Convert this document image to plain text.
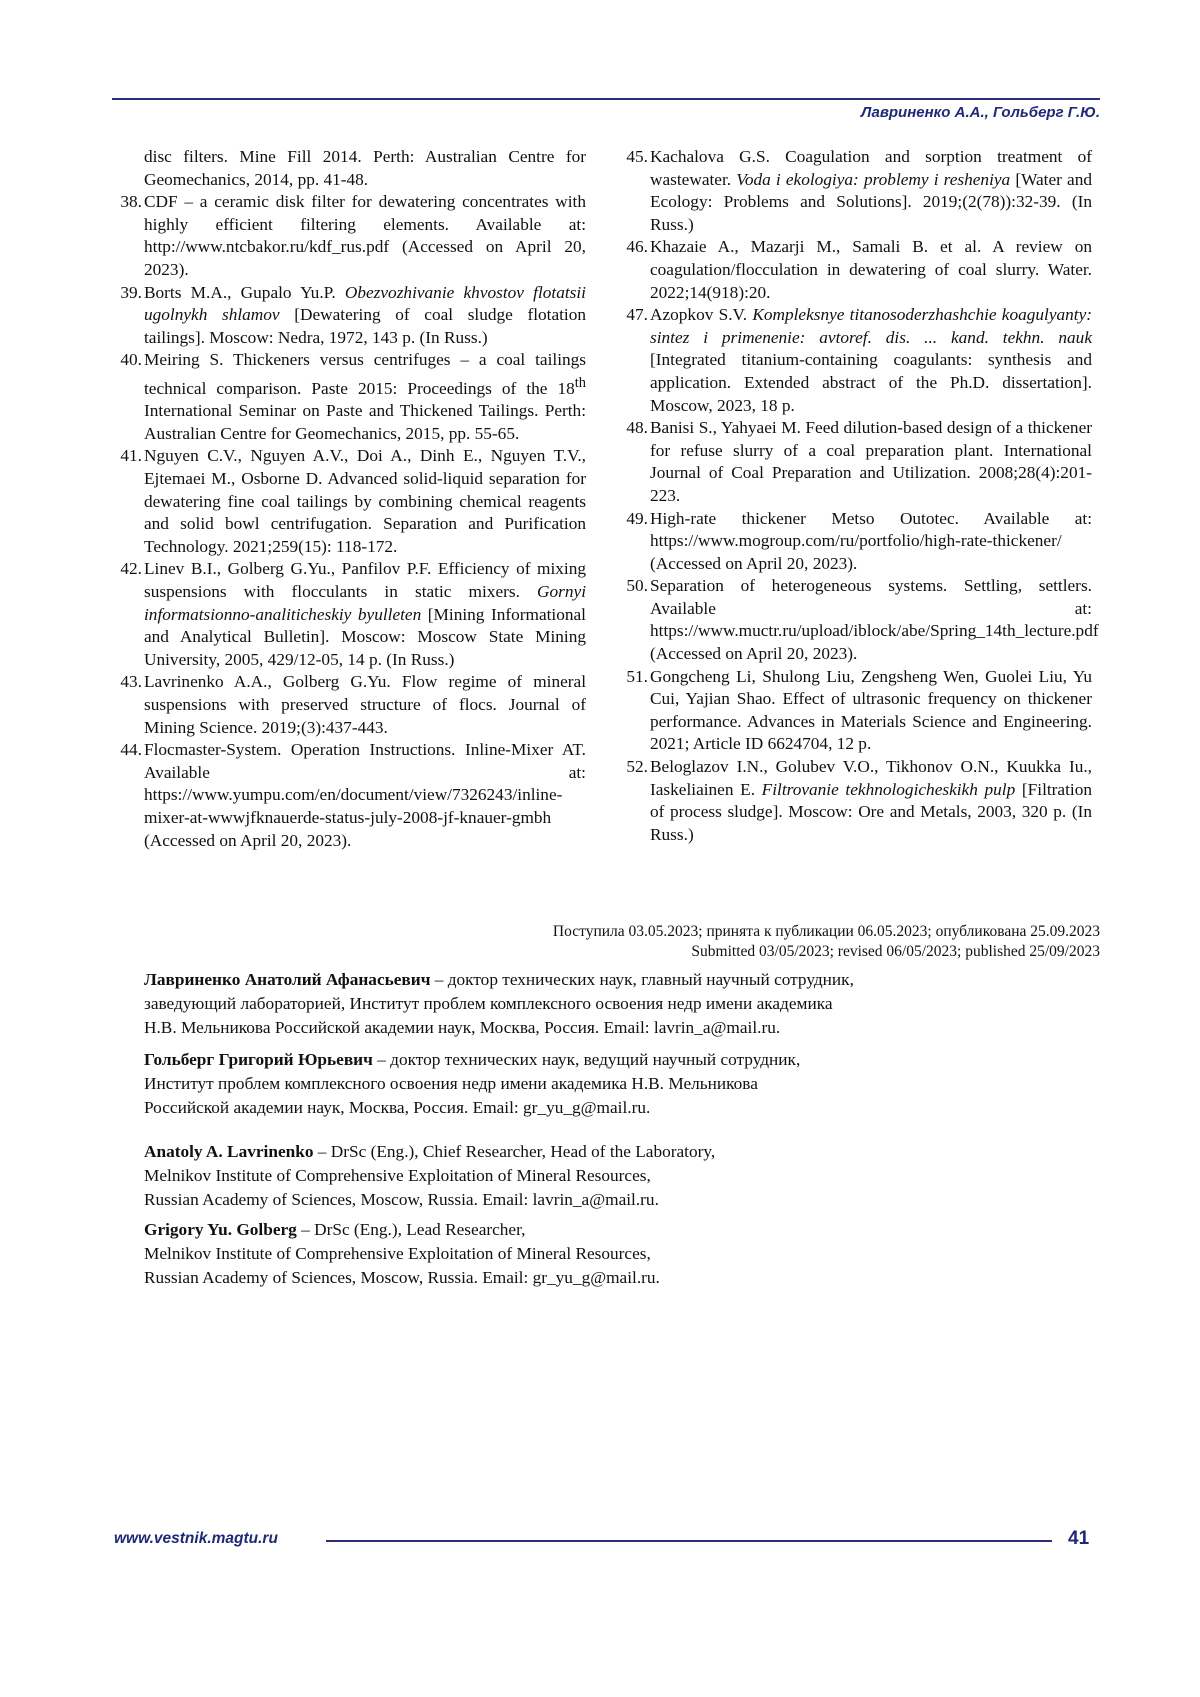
Лавриненко А.А., Гольберг Г.Ю.
disc filters. Mine Fill 2014. Perth: Australian Centre for Geomechanics, 2014, pp. 41-48.
38. CDF – a ceramic disk filter for dewatering concentrates with highly efficient filtering elements. Available at: http://www.ntcbakor.ru/kdf_rus.pdf (Accessed on April 20, 2023).
39. Borts M.A., Gupalo Yu.P. Obezvozhivanie khvostov flotatsii ugolnykh shlamov [Dewatering of coal sludge flotation tailings]. Moscow: Nedra, 1972, 143 p. (In Russ.)
40. Meiring S. Thickeners versus centrifuges – a coal tailings technical comparison. Paste 2015: Proceedings of the 18th International Seminar on Paste and Thickened Tailings. Perth: Australian Centre for Geomechanics, 2015, pp. 55-65.
41. Nguyen C.V., Nguyen A.V., Doi A., Dinh E., Nguyen T.V., Ejtemaei M., Osborne D. Advanced solid-liquid separation for dewatering fine coal tailings by combining chemical reagents and solid bowl centrifugation. Separation and Purification Technology. 2021;259(15): 118-172.
42. Linev B.I., Golberg G.Yu., Panfilov P.F. Efficiency of mixing suspensions with flocculants in static mixers. Gornyi informatsionno-analiticheskiy byulleten [Mining Informational and Analytical Bulletin]. Moscow: Moscow State Mining University, 2005, 429/12-05, 14 p. (In Russ.)
43. Lavrinenko A.A., Golberg G.Yu. Flow regime of mineral suspensions with preserved structure of flocs. Journal of Mining Science. 2019;(3):437-443.
44. Flocmaster-System. Operation Instructions. Inline-Mixer AT. Available at: https://www.yumpu.com/en/document/view/7326243/inline-mixer-at-wwwjfknauerde-status-july-2008-jf-knauer-gmbh (Accessed on April 20, 2023).
45. Kachalova G.S. Coagulation and sorption treatment of wastewater. Voda i ekologiya: problemy i resheniya [Water and Ecology: Problems and Solutions]. 2019;(2(78)):32-39. (In Russ.)
46. Khazaie A., Mazarji M., Samali B. et al. A review on coagulation/flocculation in dewatering of coal slurry. Water. 2022;14(918):20.
47. Azopkov S.V. Kompleksnye titanosoderzhashchie koagulyanty: sintez i primenenie: avtoref. dis. ... kand. tekhn. nauk [Integrated titanium-containing coagulants: synthesis and application. Extended abstract of the Ph.D. dissertation]. Moscow, 2023, 18 p.
48. Banisi S., Yahyaei M. Feed dilution-based design of a thickener for refuse slurry of a coal preparation plant. International Journal of Coal Preparation and Utilization. 2008;28(4):201-223.
49. High-rate thickener Metso Outotec. Available at: https://www.mogroup.com/ru/portfolio/high-rate-thickener/ (Accessed on April 20, 2023).
50. Separation of heterogeneous systems. Settling, settlers. Available at: https://www.muctr.ru/upload/iblock/abe/Spring_14th_lecture.pdf (Accessed on April 20, 2023).
51. Gongcheng Li, Shulong Liu, Zengsheng Wen, Guolei Liu, Yu Cui, Yajian Shao. Effect of ultrasonic frequency on thickener performance. Advances in Materials Science and Engineering. 2021; Article ID 6624704, 12 p.
52. Beloglazov I.N., Golubev V.O., Tikhonov O.N., Kuukka Iu., Iaskeliainen E. Filtrovanie tekhnologicheskikh pulp [Filtration of process sludge]. Moscow: Ore and Metals, 2003, 320 p. (In Russ.)
Поступила 03.05.2023; принята к публикации 06.05.2023; опубликована 25.09.2023
Submitted 03/05/2023; revised 06/05/2023; published 25/09/2023
Лавриненко Анатолий Афанасьевич – доктор технических наук, главный научный сотрудник,
заведующий лабораторией, Институт проблем комплексного освоения недр имени академика
Н.В. Мельникова Российской академии наук, Москва, Россия. Email: lavrin_a@mail.ru.
Гольберг Григорий Юрьевич – доктор технических наук, ведущий научный сотрудник,
Институт проблем комплексного освоения недр имени академика Н.В. Мельникова
Российской академии наук, Москва, Россия. Email: gr_yu_g@mail.ru.
Anatoly A. Lavrinenko – DrSc (Eng.), Chief Researcher, Head of the Laboratory,
Melnikov Institute of Comprehensive Exploitation of Mineral Resources,
Russian Academy of Sciences, Moscow, Russia. Email: lavrin_a@mail.ru.
Grigory Yu. Golberg – DrSc (Eng.), Lead Researcher,
Melnikov Institute of Comprehensive Exploitation of Mineral Resources,
Russian Academy of Sciences, Moscow, Russia. Email: gr_yu_g@mail.ru.
www.vestnik.magtu.ru	41
